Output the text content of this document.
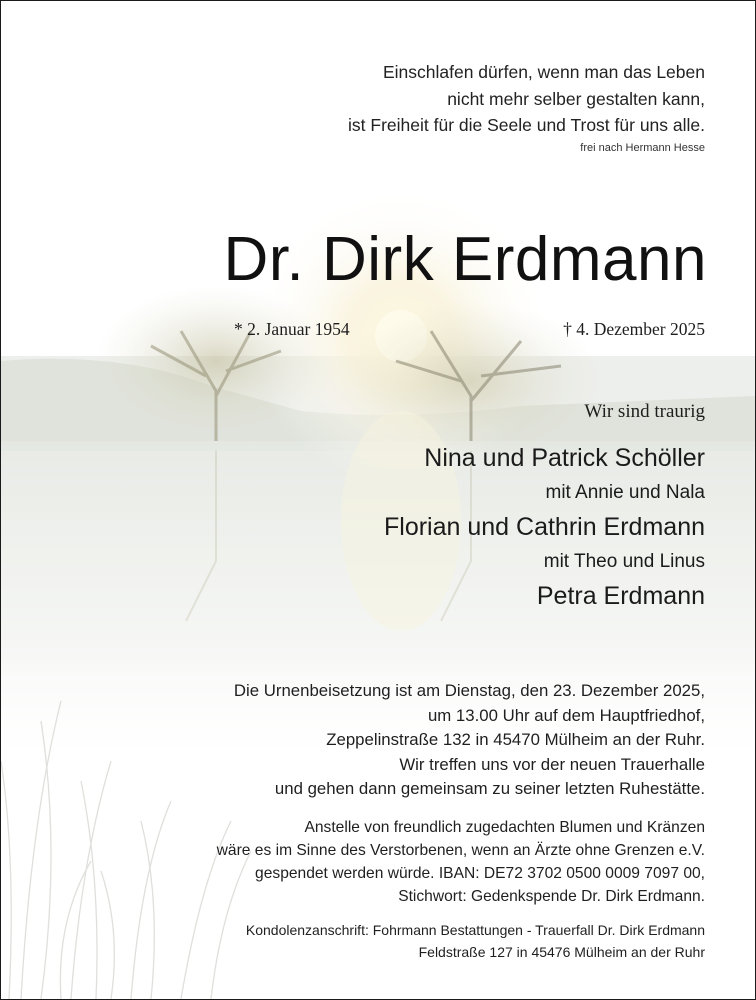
Einschlafen dürfen, wenn man das Leben
nicht mehr selber gestalten kann,
ist Freiheit für die Seele und Trost für uns alle.
frei nach Hermann Hesse
Dr. Dirk Erdmann
* 2. Januar 1954	† 4. Dezember 2025
Wir sind traurig
Nina und Patrick Schöller
mit Annie und Nala
Florian und Cathrin Erdmann
mit Theo und Linus
Petra Erdmann
Die Urnenbeisetzung ist am Dienstag, den 23. Dezember 2025,
um 13.00 Uhr auf dem Hauptfriedhof,
Zeppelinstraße 132 in 45470 Mülheim an der Ruhr.
Wir treffen uns vor der neuen Trauerhalle
und gehen dann gemeinsam zu seiner letzten Ruhestätte.
Anstelle von freundlich zugedachten Blumen und Kränzen
wäre es im Sinne des Verstorbenen, wenn an Ärzte ohne Grenzen e.V.
gespendet werden würde. IBAN: DE72 3702 0500 0009 7097 00,
Stichwort: Gedenkspende Dr. Dirk Erdmann.
Kondolenzanschrift: Fohrmann Bestattungen - Trauerfall Dr. Dirk Erdmann
Feldstraße 127 in 45476 Mülheim an der Ruhr
